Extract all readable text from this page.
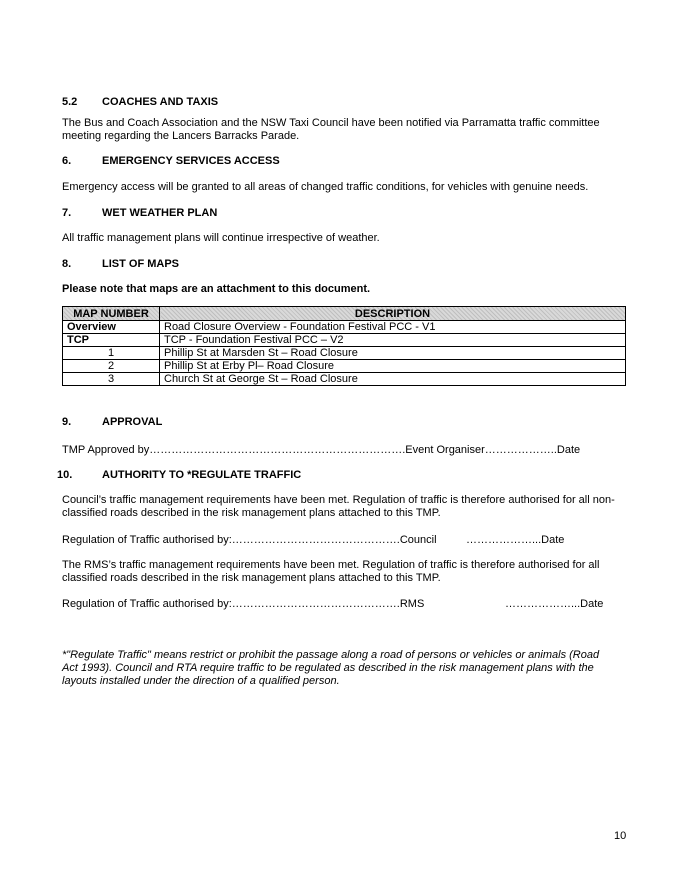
5.2 COACHES AND TAXIS
The Bus and Coach Association and the NSW Taxi Council have been notified via Parramatta traffic committee
meeting regarding the Lancers Barracks Parade.
6.	EMERGENCY SERVICES ACCESS
Emergency access will be granted to all areas of changed traffic conditions, for vehicles with genuine needs.
7.	WET WEATHER PLAN
All traffic management plans will continue irrespective of weather.
8.	LIST OF MAPS
Please note that maps are an attachment to this document.
MAP NUMBER	DESCRIPTION
Overview	Road Closure Overview - Foundation Festival PCC - V1
TCP	TCP - Foundation Festival PCC – V2
1	Phillip St at Marsden St – Road Closure
2	Phillip St at Erby Pl– Road Closure
3	Church St at George St – Road Closure
9.	APPROVAL
TMP Approved by…………………………………………………………….Event Organiser………………..Date
10.	AUTHORITY TO *REGULATE TRAFFIC
Council’s traffic management requirements have been met. Regulation of traffic is therefore authorised for all non-
classified roads described in the risk management plans attached to this TMP.
Regulation of Traffic authorised by:……………………………………….Council	………………...Date
The RMS’s traffic management requirements have been met. Regulation of traffic is therefore authorised for all
classified roads described in the risk management plans attached to this TMP.
Regulation of Traffic authorised by:……………………………………….RMS	………………...Date
*"Regulate Traffic" means restrict or prohibit the passage along a road of persons or vehicles or animals (Road
Act 1993). Council and RTA require traffic to be regulated as described in the risk management plans with the
layouts installed under the direction of a qualified person.
10
